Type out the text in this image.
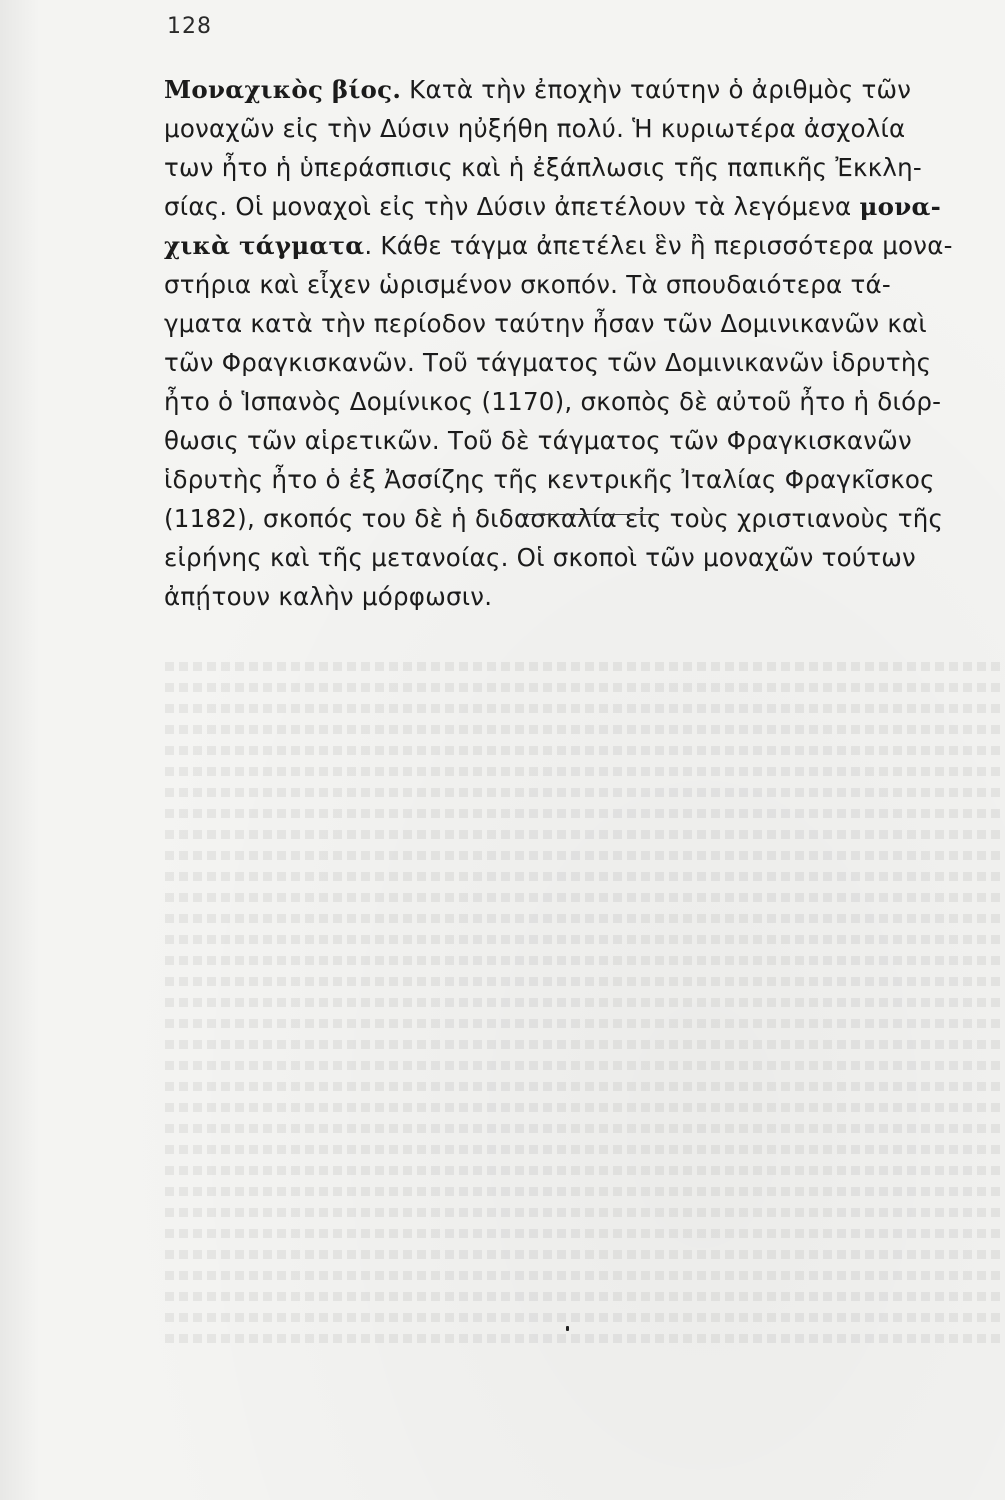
128
Μοναχικὸς βίος. Κατὰ τὴν ἐποχὴν ταύτην ὁ ἀριθμὸς τῶν
μοναχῶν εἰς τὴν Δύσιν ηὐξήθη πολύ. Ἡ κυριωτέρα ἀσχολία
των ἦτο ἡ ὑπεράσπισις καὶ ἡ ἐξάπλωσις τῆς παπικῆς Ἐκκλη-
σίας. Οἱ μοναχοὶ εἰς τὴν Δύσιν ἀπετέλουν τὰ λεγόμενα μονα-
χικὰ τάγματα. Κάθε τάγμα ἀπετέλει ἓν ἢ περισσότερα μονα-
στήρια καὶ εἶχεν ὡρισμένον σκοπόν. Τὰ σπουδαιότερα τά-
γματα κατὰ τὴν περίοδον ταύτην ἦσαν τῶν Δομινικανῶν καὶ
τῶν Φραγκισκανῶν. Τοῦ τάγματος τῶν Δομινικανῶν ἱδρυτὴς
ἦτο ὁ Ἱσπανὸς Δομίνικος (1170), σκοπὸς δὲ αὐτοῦ ἦτο ἡ διόρ-
θωσις τῶν αἱρετικῶν. Τοῦ δὲ τάγματος τῶν Φραγκισκανῶν
ἱδρυτὴς ἦτο ὁ ἐξ Ἀσσίζης τῆς κεντρικῆς Ἰταλίας Φραγκῖσκος
(1182), σκοπός του δὲ ἡ διδασκαλία εἰς τοὺς χριστιανοὺς τῆς
εἰρήνης καὶ τῆς μετανοίας. Οἱ σκοποὶ τῶν μοναχῶν τούτων
ἀπῄτουν καλὴν μόρφωσιν.
